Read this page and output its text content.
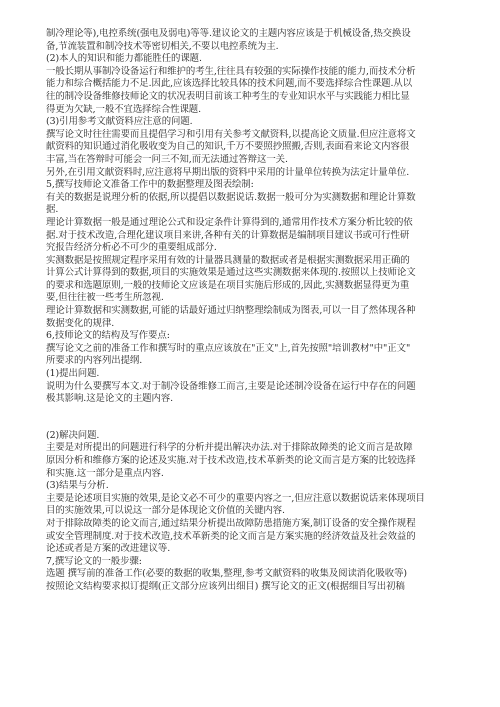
制冷理论等),电控系统(强电及弱电)等等.建议论文的主题内容应该是于机械设备,热交换设
备,节流装置和制冷技术等密切相关,不要以电控系统为主.
(2)本人的知识和能力都能胜任的课题.
一般长期从事制冷设备运行和维护的考生,往往具有较强的实际操作技能的能力,而技术分析
能力和综合概括能力不足.因此,应该选择比较具体的技术问题,而不要选择综合性课题.从以
往的制冷设备维修技师论文的状况表明目前该工种考生的专业知识水平与实践能力相比显
得更为欠缺,一般不宜选择综合性课题.
(3)引用参考文献资料应注意的问题.
撰写论文时往往需要而且提倡学习和引用有关参考文献资料,以提高论文质量.但应注意将文
献资料的知识通过消化吸收变为自己的知识,千万不要照抄照搬,否则,表面看来论文内容很
丰富,当在答辩时可能会一问三不知,而无法通过答辩这一关.
另外,在引用文献资料时,应注意将早期出版的资料中采用的计量单位转换为法定计量单位.
5,撰写技师论文准备工作中的数据整理及图表绘制:
有关的数据是说理分析的依据,所以提倡以数据说话.数据一般可分为实测数据和理论计算数
据.
理论计算数据一般是通过理论公式和设定条件计算得到的,通常用作技术方案分析比较的依
据.对于技术改造,合理化建议项目来讲,各种有关的计算数据是编制项目建议书或可行性研
究报告经济分析必不可少的重要组成部分.
实测数据是按照规定程序采用有效的计量器具测量的数据或者是根据实测数据采用正确的
计算公式计算得到的数据,项目的实施效果是通过这些实测数据来体现的.按照以上技师论文
的要求和选题原则,一般的技师论文应该是在项目实施后形成的,因此,实测数据显得更为重
要,但往往被一些考生所忽视.
理论计算数据和实测数据,可能的话最好通过归纳整理绘制成为图表,可以一目了然体现各种
数据变化的规律.
6,技师论文的结构及写作要点:
撰写论文之前的准备工作和撰写时的重点应该放在"正文"上,首先按照"培训教材"中"正文"
所要求的内容列出提纲.
(1)提出问题.
说明为什么要撰写本文.对于制冷设备维修工而言,主要是论述制冷设备在运行中存在的问题
极其影响.这是论文的主题内容.
(2)解决问题.
主要是对所提出的问题进行科学的分析并提出解决办法.对于排除故障类的论文而言是故障
原因分析和维修方案的论述及实施.对于技术改造,技术革新类的论文而言是方案的比较选择
和实施.这一部分是重点内容.
(3)结果与分析.
主要是论述项目实施的效果,是论文必不可少的重要内容之一,但应注意以数据说话来体现项目
目的实施效果,可以说这一部分是体现论文价值的关键内容.
对于排除故障类的论文而言,通过结果分析提出故障防患措施方案,制订设备的安全操作规程
或安全管理制度.对于技术改造,技术革新类的论文而言是方案实施的经济效益及社会效益的
论述或者是方案的改进建议等.
7,撰写论文的一般步骤:
选题 撰写前的准备工作(必要的数据的收集,整理,参考文献资料的收集及阅读消化吸收等)
按照论文结构要求拟订提纲(正文部分应该列出细目) 撰写论文的正文(根据细目写出初稿
